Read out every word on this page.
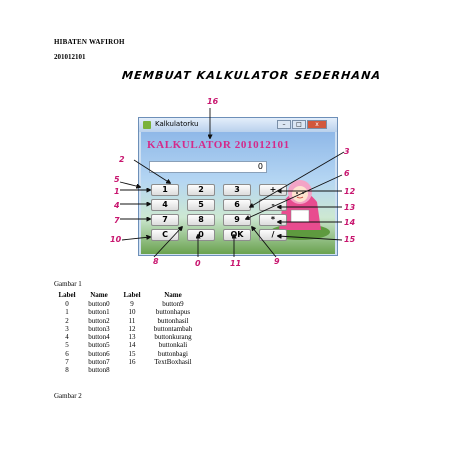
HIBATEN WAFIROH
201012101
MEMBUAT KALKULATOR SEDERHANA
Kalkulatorku	–	□	x
KALKULATOR 201012101
0
1	2	3	+
4	5	6	-
7	8	9	*
C	0	OK	/
16
2
5
1
4
7
10
8	0	11	9
3
6
12
13
14
15
Gambar 1
Label	Name	Label	Name
0	button0	9	button9
1	button1	10	buttonhapus
2	button2	11	buttonhasil
3	button3	12	buttontambah
4	button4	13	buttonkurang
5	button5	14	buttonkali
6	button6	15	buttonbagi
7	button7	16	TextBoxhasil
8	button8		
Gambar 2
